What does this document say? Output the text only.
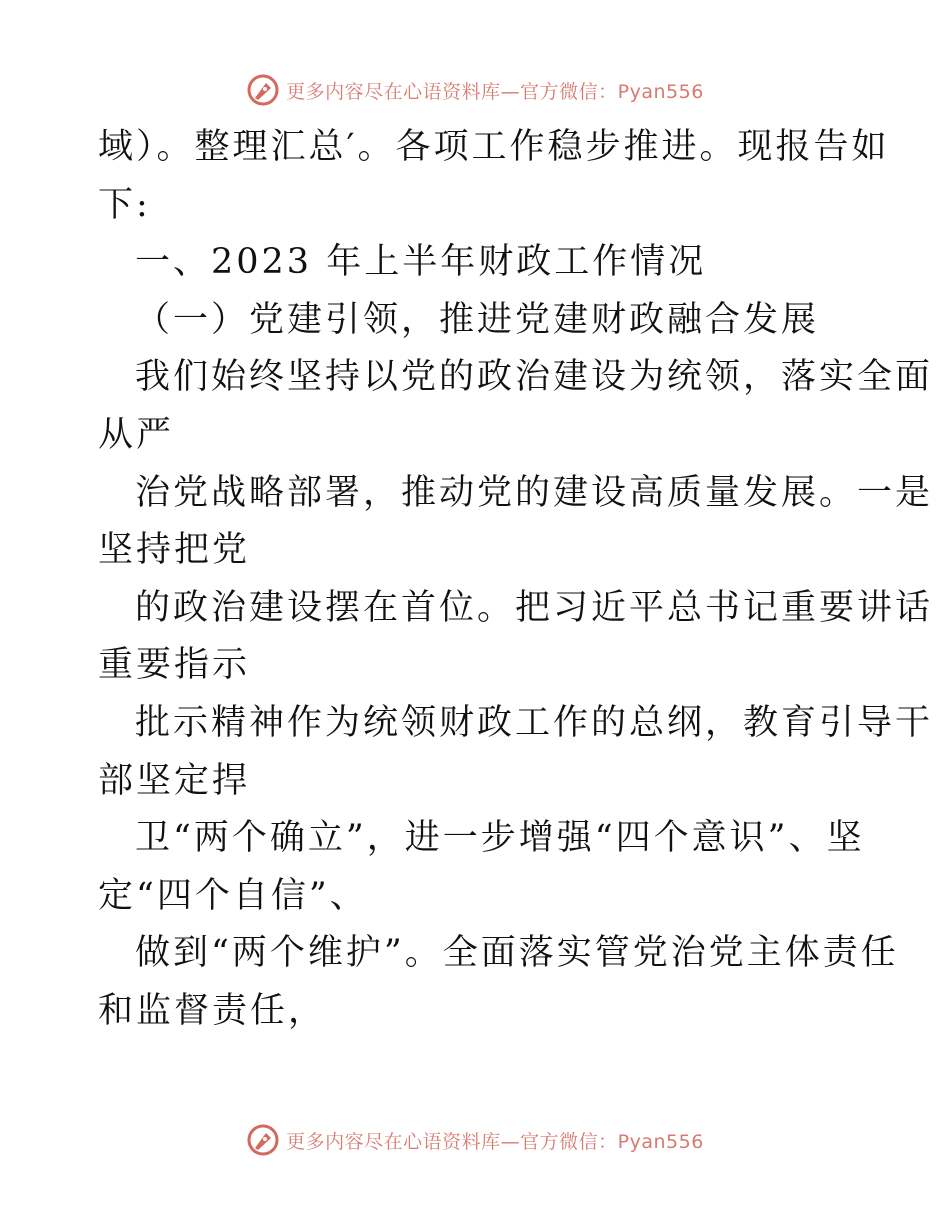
更多内容尽在心语资料库—官方微信：Pyan556
域）。整理汇总′。各项工作稳步推进。现报告如
下:
一、2023 年上半年财政工作情况
（一）党建引领，推进党建财政融合发展
我们始终坚持以党的政治建设为统领，落实全面
从严
治党战略部署，推动党的建设高质量发展。一是
坚持把党
的政治建设摆在首位。把习近平总书记重要讲话
重要指示
批示精神作为统领财政工作的总纲，教育引导干
部坚定捍
卫“两个确立”，进一步增强“四个意识”、坚
定“四个自信”、
做到“两个维护”。全面落实管党治党主体责任
和监督责任，
更多内容尽在心语资料库—官方微信：Pyan556
